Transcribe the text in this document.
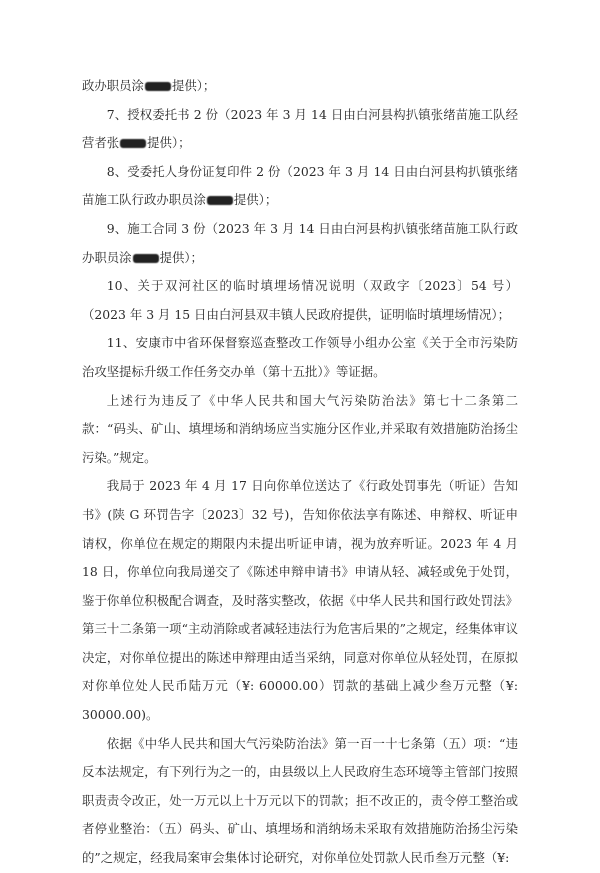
政办职员涂 提供）；

7、授权委托书 2 份（2023 年 3 月 14 日由白河县构扒镇张绪苗施工队经营者张 提供）；

8、受委托人身份证复印件 2 份（2023 年 3 月 14 日由白河县构扒镇张绪苗施工队行政办职员涂 提供）；

9、施工合同 3 份（2023 年 3 月 14 日由白河县构扒镇张绪苗施工队行政办职员涂 提供）；

10、关于双河社区的临时填埋场情况说明（双政字〔2023〕54 号）（2023 年 3 月 15 日由白河县双丰镇人民政府提供，证明临时填埋场情况）；

11、安康市中省环保督察巡查整改工作领导小组办公室《关于全市污染防治攻坚提标升级工作任务交办单（第十五批）》等证据。

上述行为违反了《中华人民共和国大气污染防治法》第七十二条第二款：“码头、矿山、填埋场和消纳场应当实施分区作业,并采取有效措施防治扬尘污染。”规定。

我局于 2023 年 4 月 17 日向你单位送达了《行政处罚事先（听证）告知书》(陕 G 环罚告字〔2023〕32 号)，告知你依法享有陈述、申辩权、听证申请权，你单位在规定的期限内未提出听证申请，视为放弃听证。2023 年 4 月 18 日，你单位向我局递交了《陈述申辩申请书》申请从轻、减轻或免于处罚，鉴于你单位积极配合调查，及时落实整改，依据《中华人民共和国行政处罚法》第三十二条第一项“主动消除或者减轻违法行为危害后果的”之规定，经集体审议决定，对你单位提出的陈述申辩理由适当采纳，同意对你单位从轻处罚，在原拟对你单位处人民币陆万元（¥: 60000.00）罚款的基础上减少叁万元整（¥: 30000.00)。

依据《中华人民共和国大气污染防治法》第一百一十七条第（五）项：“违反本法规定，有下列行为之一的，由县级以上人民政府生态环境等主管部门按照职责责令改正，处一万元以上十万元以下的罚款；拒不改正的，责令停工整治或者停业整治：（五）码头、矿山、填埋场和消纳场未采取有效措施防治扬尘污染的”之规定，经我局案审会集体讨论研究，对你单位处罚款人民币叁万元整（¥:
